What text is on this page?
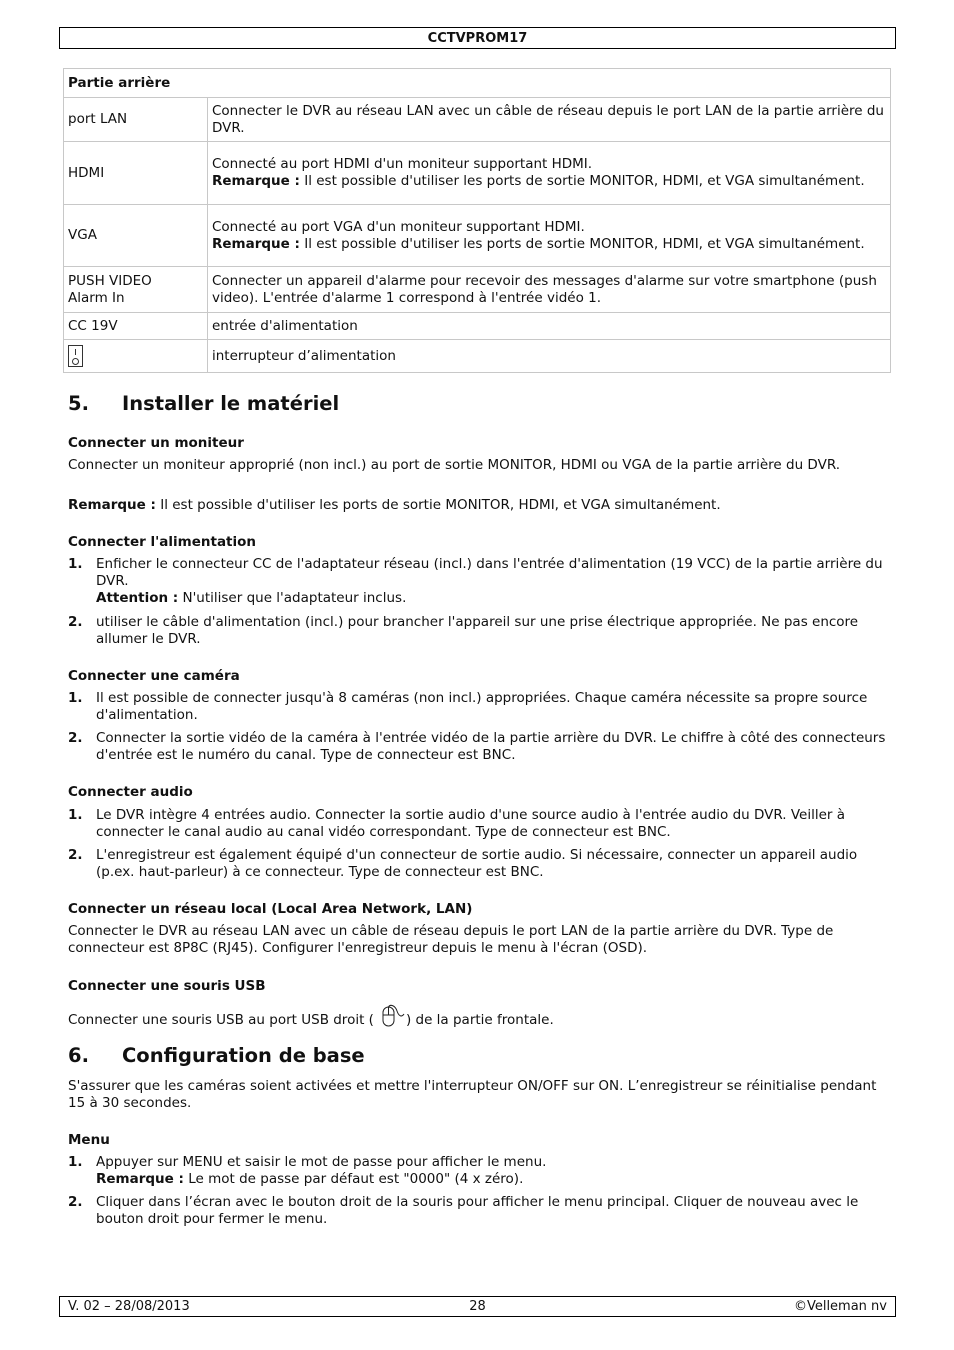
CCTVPROM17
Partie arrière	
port LAN	Connecter le DVR au réseau LAN avec un câble de réseau depuis le port LAN de la partie arrière du DVR.
HDMI	Connecté au port HDMI d'un moniteur supportant HDMI.
Remarque : Il est possible d'utiliser les ports de sortie MONITOR, HDMI, et VGA simultanément.

VGA	Connecté au port VGA d'un moniteur supportant HDMI.
Remarque : Il est possible d'utiliser les ports de sortie MONITOR, HDMI, et VGA simultanément.

PUSH VIDEO
Alarm In	Connecter un appareil d'alarme pour recevoir des messages d'alarme sur votre smartphone (push video). L'entrée d'alarme 1 correspond à l'entrée vidéo 1.
CC 19V	entrée d'alimentation

	interrupteur d’alimentation
5. Installer le matériel
Connecter un moniteur
Connecter un moniteur approprié (non incl.) au port de sortie MONITOR, HDMI ou VGA de la partie arrière du DVR.
Remarque : Il est possible d'utiliser les ports de sortie MONITOR, HDMI, et VGA simultanément.
Connecter l'alimentation
1. Enficher le connecteur CC de l'adaptateur réseau (incl.) dans l'entrée d'alimentation (19 VCC) de la partie arrière du DVR.
Attention : N'utiliser que l'adaptateur inclus.
2. utiliser le câble d'alimentation (incl.) pour brancher l'appareil sur une prise électrique appropriée. Ne pas encore allumer le DVR.
Connecter une caméra
1. Il est possible de connecter jusqu'à 8 caméras (non incl.) appropriées. Chaque caméra nécessite sa propre source d'alimentation.
2. Connecter la sortie vidéo de la caméra à l'entrée vidéo de la partie arrière du DVR. Le chiffre à côté des connecteurs d'entrée est le numéro du canal. Type de connecteur est BNC.
Connecter audio
1. Le DVR intègre 4 entrées audio. Connecter la sortie audio d'une source audio à l'entrée audio du DVR. Veiller à connecter le canal audio au canal vidéo correspondant. Type de connecteur est BNC.
2. L'enregistreur est également équipé d'un connecteur de sortie audio. Si nécessaire, connecter un appareil audio (p.ex. haut-parleur) à ce connecteur. Type de connecteur est BNC.
Connecter un réseau local (Local Area Network, LAN)
Connecter le DVR au réseau LAN avec un câble de réseau depuis le port LAN de la partie arrière du DVR. Type de connecteur est 8P8C (RJ45). Configurer l'enregistreur depuis le menu à l'écran (OSD).
Connecter une souris USB
Connecter une souris USB au port USB droit ( ) de la partie frontale.
6. Configuration de base
S'assurer que les caméras soient activées et mettre l'interrupteur ON/OFF sur ON. L’enregistreur se réinitialise pendant 15 à 30 secondes.
Menu
1. Appuyer sur MENU et saisir le mot de passe pour afficher le menu.
Remarque : Le mot de passe par défaut est "0000" (4 x zéro).
2. Cliquer dans l’écran avec le bouton droit de la souris pour afficher le menu principal. Cliquer de nouveau avec le bouton droit pour fermer le menu.
28
V. 02 – 28/08/2013	©Velleman nv
